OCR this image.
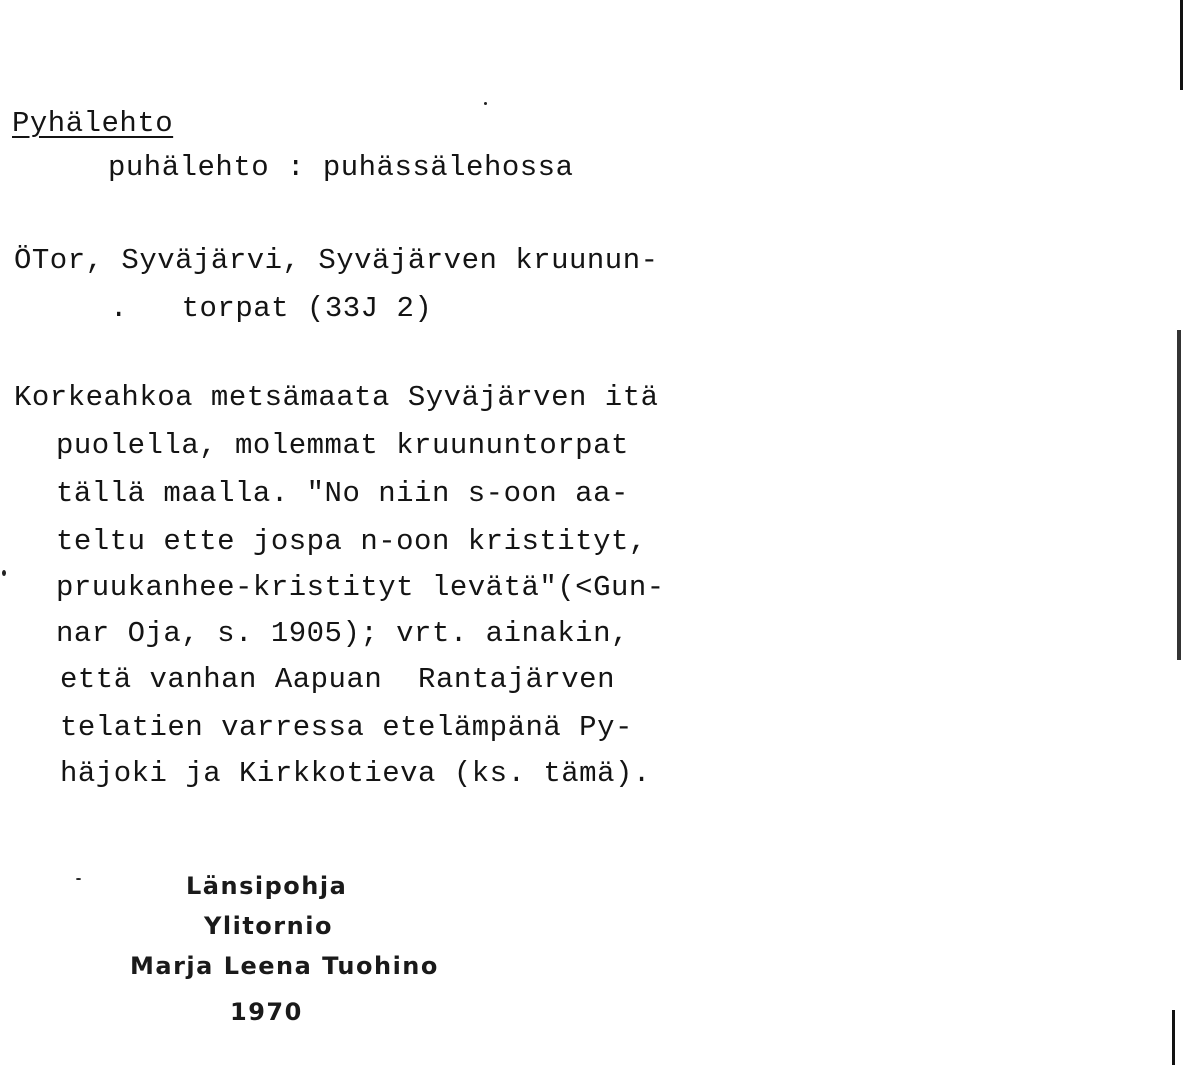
Pyhälehto
puhälehto : puhässälehossa
ÖTor, Syväjärvi, Syväjärven kruunun-
.   torpat (33J 2)
Korkeahkoa metsämaata Syväjärven itä
puolella, molemmat kruununtorpat
tällä maalla. "No niin s-oon aa-
teltu ette jospa n-oon kristityt,
pruukanhee-kristityt levätä"(<Gun-
nar Oja, s. 1905); vrt. ainakin,
että vanhan Aapuan  Rantajärven
telatien varressa etelämpänä Py-
häjoki ja Kirkkotieva (ks. tämä).
Länsipohja
Ylitornio
Marja Leena Tuohino
1970
